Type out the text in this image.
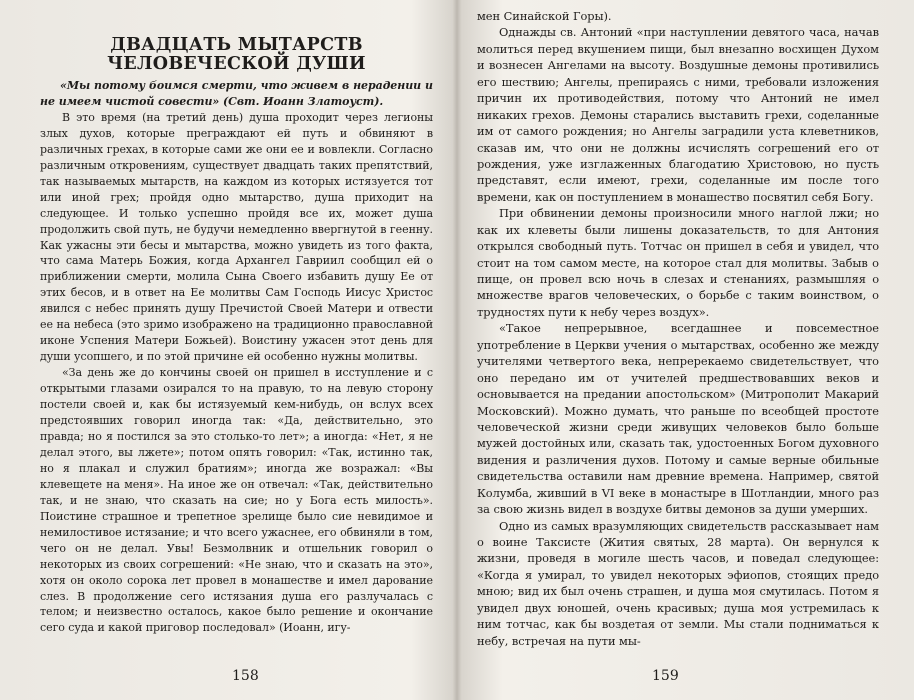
ДВАДЦАТЬ МЫТАРСТВ
ЧЕЛОВЕЧЕСКОЙ ДУШИ

«Мы потому боимся смерти, что живем в нерадении и не имеем чистой совести» (Свт. Иоанн Златоуст).

В это время (на третий день) душа проходит через легионы злых духов, которые преграждают ей путь и обвиняют в различных грехах, в которые сами же они ее и вовлекли. Согласно различным откровениям, существует двадцать таких препятствий, так называемых мытарств, на каждом из которых истязуется тот или иной грех; пройдя одно мытарство, душа приходит на следующее. И только успешно пройдя все их, может душа продолжить свой путь, не будучи немедленно ввергнутой в геенну. Как ужасны эти бесы и мытарства, можно увидеть из того факта, что сама Матерь Божия, когда Архангел Гавриил сообщил ей о приближении смерти, молила Сына Своего избавить душу Ее от этих бесов, и в ответ на Ее молитвы Сам Господь Иисус Христос явился с небес принять душу Пречистой Своей Матери и отвести ее на небеса (это зримо изображено на традиционно православной иконе Успения Матери Божьей). Воистину ужасен этот день для души усопшего, и по этой причине ей особенно нужны молитвы.

«За день же до кончины своей он пришел в исступление и с открытыми глазами озирался то на правую, то на левую сторону постели своей и, как бы истязуемый кем-нибудь, он вслух всех предстоявших говорил иногда так: «Да, действительно, это правда; но я постился за это столько-то лет»; а иногда: «Нет, я не делал этого, вы лжете»; потом опять говорил: «Так, истинно так, но я плакал и служил братиям»; иногда же возражал: «Вы клевещете на меня». На иное же он отвечал: «Так, действительно так, и не знаю, что сказать на сие; но у Бога есть милость». Поистине страшное и трепетное зрелище было сие невидимое и немилостивое истязание; и что всего ужаснее, его обвиняли в том, чего он не делал. Увы! Безмолвник и отшельник говорил о некоторых из своих согрешений: «Не знаю, что и сказать на это», хотя он около сорока лет провел в монашестве и имел дарование слез. В продолжение сего истязания душа его разлучалась с телом; и неизвестно осталось, какое было решение и окончание сего суда и какой приговор последовал» (Иоанн, игу-

158

мен Синайской Горы).

Однажды св. Антоний «при наступлении девятого часа, начав молиться перед вкушением пищи, был внезапно восхищен Духом и вознесен Ангелами на высоту. Воздушные демоны противились его шествию; Ангелы, препираясь с ними, требовали изложения причин их противодействия, потому что Антоний не имел никаких грехов. Демоны старались выставить грехи, соделанные им от самого рождения; но Ангелы заградили уста клеветников, сказав им, что они не должны исчислять согрешений его от рождения, уже изглаженных благодатию Христовою, но пусть представят, если имеют, грехи, соделанные им после того времени, как он поступлением в монашество посвятил себя Богу.

При обвинении демоны произносили много наглой лжи; но как их клеветы были лишены доказательств, то для Антония открылся свободный путь. Тотчас он пришел в себя и увидел, что стоит на том самом месте, на которое стал для молитвы. Забыв о пище, он провел всю ночь в слезах и стенаниях, размышляя о множестве врагов человеческих, о борьбе с таким воинством, о трудностях пути к небу через воздух».

«Такое непрерывное, всегдашнее и повсеместное употребление в Церкви учения о мытарствах, особенно же между учителями четвертого века, непререкаемо свидетельствует, что оно передано им от учителей предшествовавших веков и основывается на предании апостольском» (Митрополит Макарий Московский). Можно думать, что раньше по всеобщей простоте человеческой жизни среди живущих человеков было больше мужей достойных или, сказать так, удостоенных Богом духовного видения и различения духов. Потому и самые верные обильные свидетельства оставили нам древние времена. Например, святой Колумба, живший в VI веке в монастыре в Шотландии, много раз за свою жизнь видел в воздухе битвы демонов за души умерших.

Одно из самых вразумляющих свидетельств рассказывает нам о воине Таксисте (Жития святых, 28 марта). Он вернулся к жизни, проведя в могиле шесть часов, и поведал следующее: «Когда я умирал, то увидел некоторых эфиопов, стоящих предо мною; вид их был очень страшен, и душа моя смутилась. Потом я увидел двух юношей, очень красивых; душа моя устремилась к ним тотчас, как бы воздетая от земли. Мы стали подниматься к небу, встречая на пути мы-

159
